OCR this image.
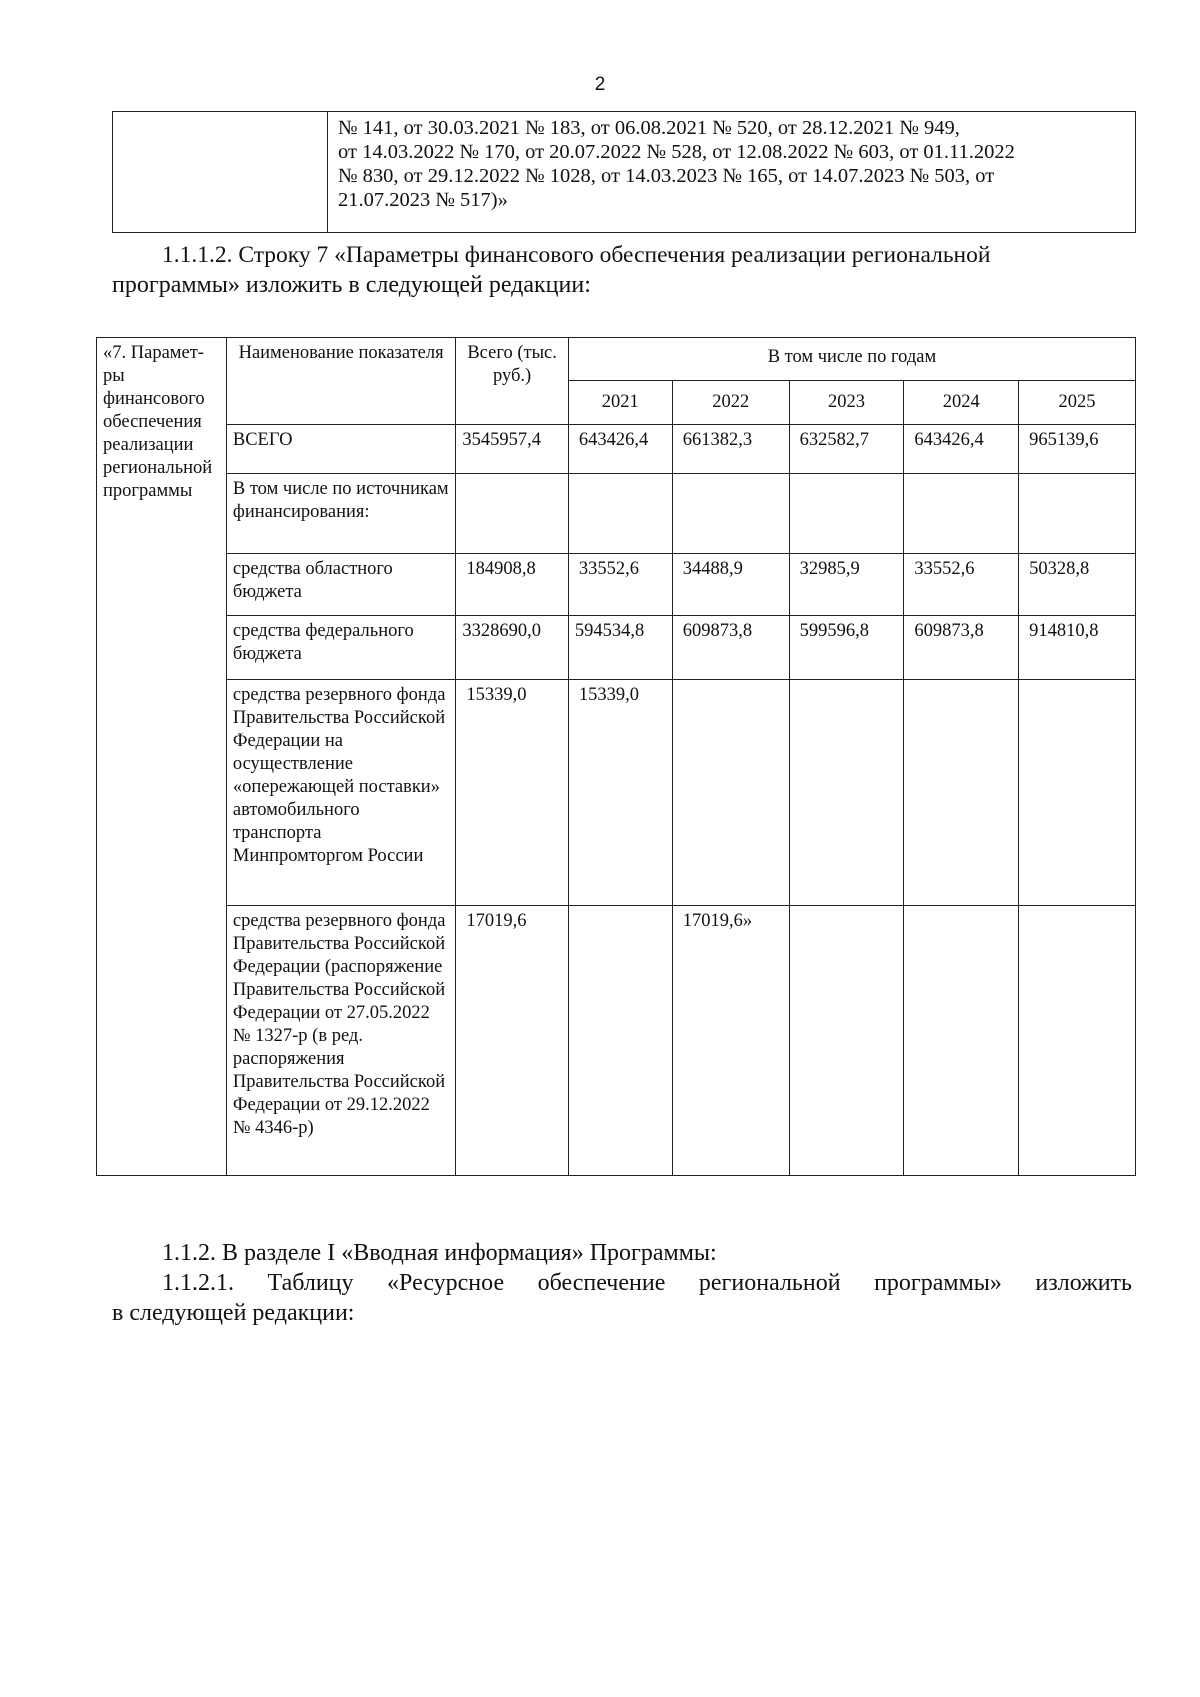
2

№ 141, от 30.03.2021 № 183, от 06.08.2021 № 520, от 28.12.2021 № 949,
от 14.03.2022 № 170, от 20.07.2022 № 528, от 12.08.2022 № 603, от 01.11.2022
№ 830, от 29.12.2022 № 1028, от 14.03.2023 № 165, от 14.07.2023 № 503, от
21.07.2023 № 517)»
1.1.1.2. Строку 7 «Параметры финансового обеспечения реализации региональной
программы» изложить в следующей редакции:
«7. Парамет-ры финансового обеспечения реализации региональной программы	Наименование показателя	Всего (тыс. руб.)	В том числе по годам				
			2021	2022	2023	2024	2025
	ВСЕГО	3545957,4	643426,4	661382,3	632582,7	643426,4	965139,6
	В том числе по источникам финансирования:						
	средства областного бюджета	184908,8	33552,6	34488,9	32985,9	33552,6	50328,8
	средства федерального бюджета	3328690,0	594534,8	609873,8	599596,8	609873,8	914810,8
	средства резервного фонда Правительства Российской Федерации на осуществление «опережающей поставки» автомобильного транспорта Минпромторгом России	15339,0	15339,0				
	средства резервного фонда Правительства Российской Федерации (распоряжение Правительства Российской Федерации от 27.05.2022 № 1327-р (в ред. распоряжения Правительства Российской Федерации от 29.12.2022 № 4346-р)	17019,6		17019,6»			
1.1.2. В разделе I «Вводная информация» Программы:
1.1.2.1. Таблицу «Ресурсное обеспечение региональной программы» изложить
в следующей редакции:
